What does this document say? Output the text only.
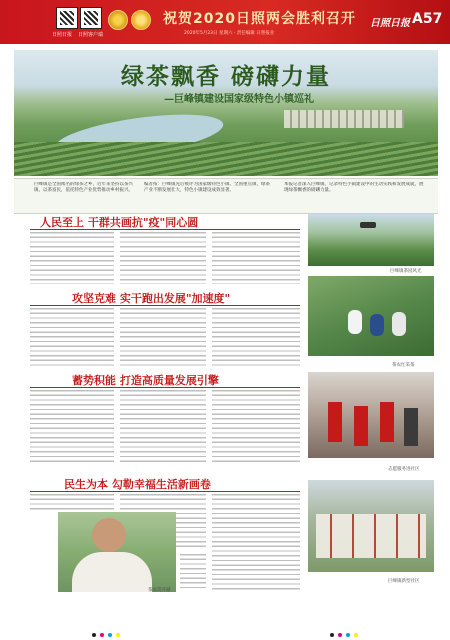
日照日报 日照客户端
祝贺2020日照两会胜利召开
2020年5月23日 星期六 · 责任编辑 日照报业
日照日报 A57
绿茶飘香 磅礴力量
—巨峰镇建设国家级特色小镇巡礼
巨峰镇是全国闻名的绿茶之乡，近年来坚持以茶兴镇、以茶富民，依托特色产业优势推动乡村振兴。
编者按：巨峰镇先后被评为国家级特色小镇、全国重点镇，绿茶产业不断发展壮大，特色小镇建设成效显著。
本报记者深入巨峰镇，记录特色小镇建设中的生动实践和发展成就，展现绿茶飘香的磅礴力量。
人民至上 干群共画抗"疫"同心圆
攻坚克难 实干跑出发展"加速度"
蓄势积能 打造高质量发展引擎
民生为本 勾勒幸福生活新画卷
茶农笑开颜
巨峰镇茶园风光
茶农忙采茶
志愿服务进社区
巨峰镇新型社区
